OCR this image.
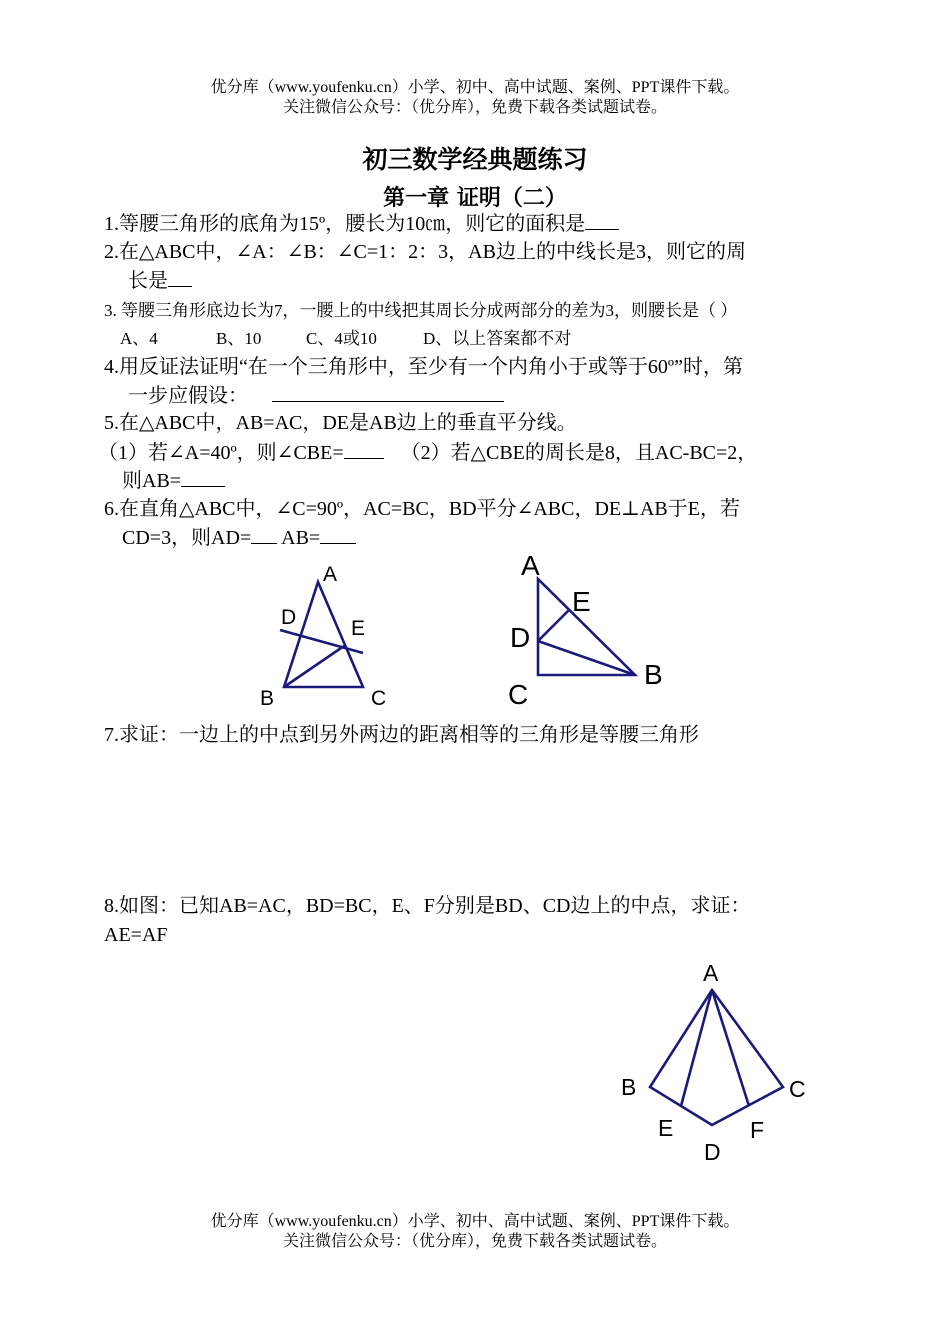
优分库（www.youfenku.cn）小学、初中、高中试题、案例、PPT课件下载。
关注微信公众号：（优分库），免费下载各类试题试卷。
初三数学经典题练习
第一章 证明（二）
1.等腰三角形的底角为15º，腰长为10㎝，则它的面积是
2.在△ABC中，∠A：∠B：∠C=1：2：3，AB边上的中线长是3，则它的周
长是
3. 等腰三角形底边长为7，一腰上的中线把其周长分成两部分的差为3，则腰长是（ ）
A、4	B、10	C、4或10	D、以上答案都不对
4.用反证法证明“在一个三角形中，至少有一个内角小于或等于60º”时，第
一步应假设：
5.在△ABC中，AB=AC，DE是AB边上的垂直平分线。
（1）若∠A=40º，则∠CBE=	（2）若△CBE的周长是8，且AC-BC=2，
则AB=
6.在直角△ABC中，∠C=90º，AC=BC，BD平分∠ABC，DE⊥AB于E，若
CD=3，则AD= AB=
A
D	E
B	C
A
E
D
B
C
7.求证：一边上的中点到另外两边的距离相等的三角形是等腰三角形
8.如图：已知AB=AC，BD=BC，E、F分别是BD、CD边上的中点，求证：
AE=AF
A
B	C
E	F
D
优分库（www.youfenku.cn）小学、初中、高中试题、案例、PPT课件下载。
关注微信公众号：（优分库），免费下载各类试题试卷。
